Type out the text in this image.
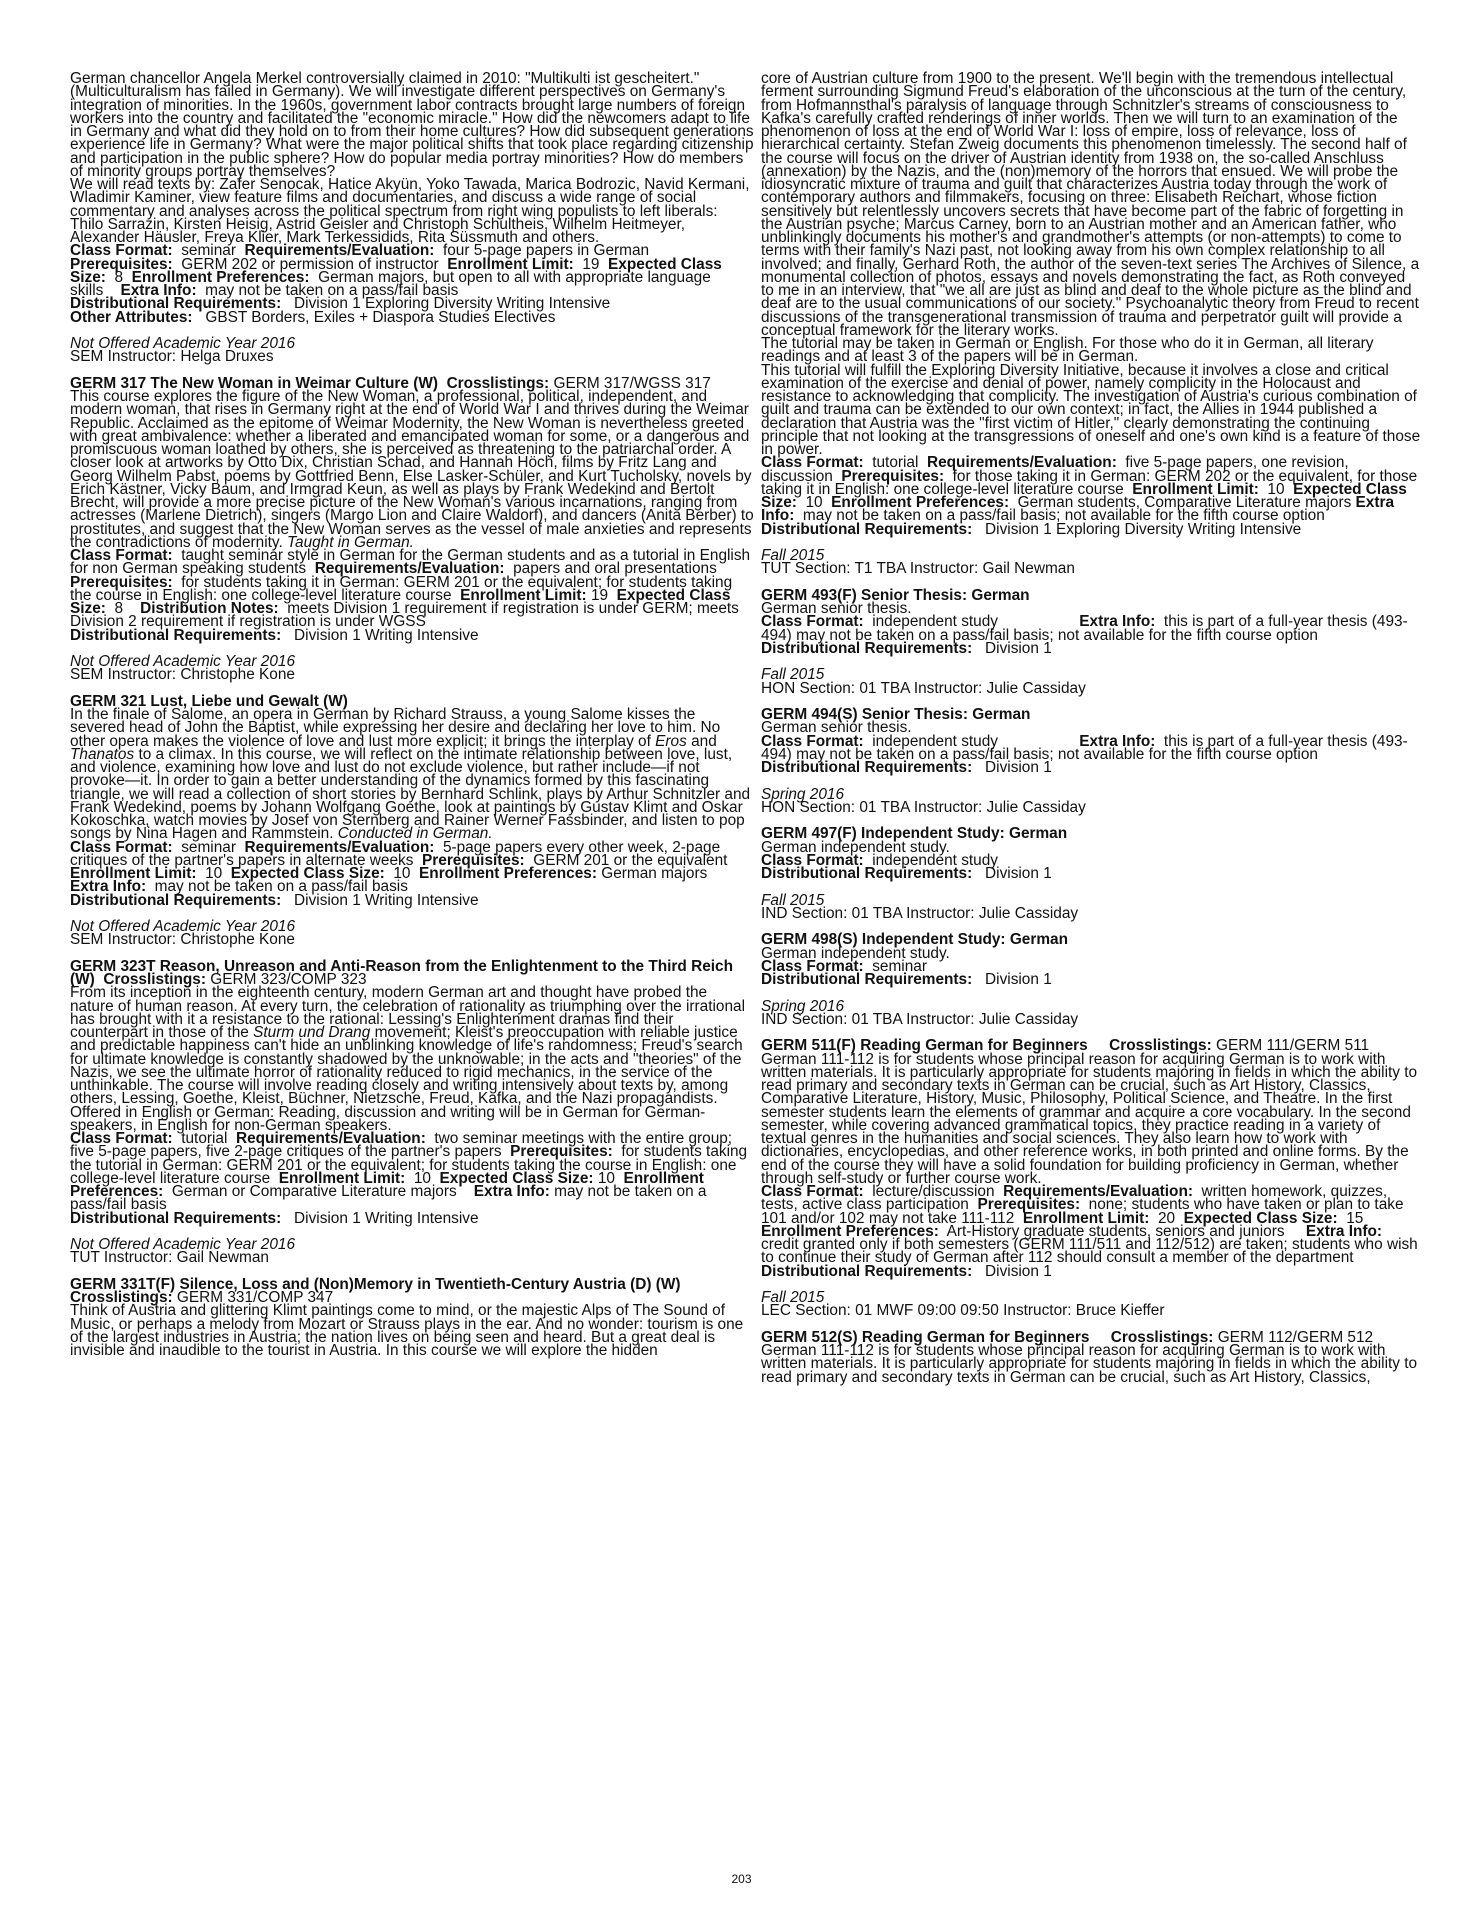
German chancellor Angela Merkel controversially claimed in 2010: "Multikulti ist gescheitert." (Multiculturalism has failed in Germany). We will investigate different perspectives on Germany's integration of minorities. In the 1960s, government labor contracts brought large numbers of foreign workers into the country and facilitated the "economic miracle." How did the newcomers adapt to life in Germany and what did they hold on to from their home cultures? How did subsequent generations experience life in Germany? What were the major political shifts that took place regarding citizenship and participation in the public sphere? How do popular media portray minorities? How do members of minority groups portray themselves?

We will read texts by: Zafer Senocak, Hatice Akyün, Yoko Tawada, Marica Bodrozic, Navid Kermani, Wladimir Kaminer, view feature films and documentaries, and discuss a wide range of social commentary and analyses across the political spectrum from right wing populists to left liberals: Thilo Sarrazin, Kirsten Heisig, Astrid Geisler and Christoph Schultheis, Wilhelm Heitmeyer, Alexander Häusler, Freya Klier, Mark Terkessidids, Rita Süssmuth and others.

Class Format: seminar Requirements/Evaluation: four 5-page papers in German Prerequisites: GERM 202 or permission of instructor Enrollment Limit: 19 Expected Class Size: 8 Enrollment Preferences: German majors, but open to all with appropriate language skills Extra Info: may not be taken on a pass/fail basis

Distributional Requirements: Division 1 Exploring Diversity Writing Intensive

Other Attributes: GBST Borders, Exiles + Diaspora Studies Electives

Not Offered Academic Year 2016

SEM Instructor: Helga Druxes

GERM 317 The New Woman in Weimar Culture (W) Crosslistings: GERM 317/WGSS 317

This course explores the figure of the New Woman, a professional, political, independent, and modern woman, that rises in Germany right at the end of World War I and thrives during the Weimar Republic. Acclaimed as the epitome of Weimar Modernity, the New Woman is nevertheless greeted with great ambivalence: whether a liberated and emancipated woman for some, or a dangerous and promiscuous woman loathed by others, she is perceived as threatening to the patriarchal order. A closer look at artworks by Otto Dix, Christian Schad, and Hannah Höch, films by Fritz Lang and Georg Wilhelm Pabst, poems by Gottfried Benn, Else Lasker-Schüler, and Kurt Tucholsky, novels by Erich Kästner, Vicky Baum, and Irmgrad Keun, as well as plays by Frank Wedekind and Bertolt Brecht, will provide a more precise picture of the New Woman's various incarnations, ranging from actresses (Marlene Dietrich), singers (Margo Lion and Claire Waldorf), and dancers (Anita Berber) to prostitutes, and suggest that the New Woman serves as the vessel of male anxieties and represents the contradictions of modernity. Taught in German.

Class Format: taught seminar style in German for the German students and as a tutorial in English for non German speaking students Requirements/Evaluation: papers and oral presentations  Prerequisites: for students taking it in German: GERM 201 or the equivalent; for students taking the course in English: one college-level literature course Enrollment Limit: 19 Expected Class Size: 8 Distribution Notes: meets Division 1 requirement if registration is under GERM; meets Division 2 requirement if registration is under WGSS

Distributional Requirements: Division 1 Writing Intensive

Not Offered Academic Year 2016

SEM Instructor: Christophe Kone

GERM 321 Lust, Liebe und Gewalt (W)

In the finale of Salome, an opera in German by Richard Strauss, a young Salome kisses the severed head of John the Baptist, while expressing her desire and declaring her love to him. No other opera makes the violence of love and lust more explicit; it brings the interplay of Eros and Thanatos to a climax. In this course, we will reflect on the intimate relationship between love, lust, and violence, examining how love and lust do not exclude violence, but rather include—if not provoke—it. In order to gain a better understanding of the dynamics formed by this fascinating triangle, we will read a collection of short stories by Bernhard Schlink, plays by Arthur Schnitzler and Frank Wedekind, poems by Johann Wolfgang Goethe, look at paintings by Gustav Klimt and Oskar Kokoschka, watch movies by Josef von Sternberg and Rainer Werner Fassbinder, and listen to pop songs by Nina Hagen and Rammstein. Conducted in German.

Class Format: seminar Requirements/Evaluation: 5-page papers every other week, 2-page critiques of the partner's papers in alternate weeks Prerequisites: GERM 201 or the equivalent  Enrollment Limit: 10 Expected Class Size: 10 Enrollment Preferences: German majors    Extra Info: may not be taken on a pass/fail basis

Distributional Requirements: Division 1 Writing Intensive

Not Offered Academic Year 2016

SEM Instructor: Christophe Kone

GERM 323T Reason, Unreason and Anti-Reason from the Enlightenment to the Third Reich (W) Crosslistings: GERM 323/COMP 323

From its inception in the eighteenth century, modern German art and thought have probed the nature of human reason. At every turn, the celebration of rationality as triumphing over the irrational has brought with it a resistance to the rational: Lessing's Enlightenment dramas find their counterpart in those of the Sturm und Drang movement; Kleist's preoccupation with reliable justice and predictable happiness can't hide an unblinking knowledge of life's randomness; Freud's search for ultimate knowledge is constantly shadowed by the unknowable; in the acts and "theories" of the Nazis, we see the ultimate horror of rationality reduced to rigid mechanics, in the service of the unthinkable. The course will involve reading closely and writing intensively about texts by, among others, Lessing, Goethe, Kleist, Büchner, Nietzsche, Freud, Kafka, and the Nazi propagandists.

Offered in English or German: Reading, discussion and writing will be in German for German-speakers, in English for non-German speakers.

Class Format: tutorial Requirements/Evaluation: two seminar meetings with the entire group; five 5-page papers, five 2-page critiques of the partner's papers Prerequisites: for students taking the tutorial in German: GERM 201 or the equivalent; for students taking the course in English: one college-level literature course Enrollment Limit: 10 Expected Class Size: 10 Enrollment Preferences: German or Comparative Literature majors Extra Info: may not be taken on a pass/fail basis

Distributional Requirements: Division 1 Writing Intensive

Not Offered Academic Year 2016

TUT Instructor: Gail Newman

GERM 331T(F) Silence, Loss and (Non)Memory in Twentieth-Century Austria (D) (W)

Crosslistings: GERM 331/COMP 347

Think of Austria and glittering Klimt paintings come to mind, or the majestic Alps of The Sound of Music, or perhaps a melody from Mozart or Strauss plays in the ear. And no wonder: tourism is one of the largest industries in Austria; the nation lives on being seen and heard. But a great deal is invisible and inaudible to the tourist in Austria. In this course we will explore the hidden

core of Austrian culture from 1900 to the present. We'll begin with the tremendous intellectual ferment surrounding Sigmund Freud's elaboration of the unconscious at the turn of the century, from Hofmannsthal's paralysis of language through Schnitzler's streams of consciousness to Kafka's carefully crafted renderings of inner worlds. Then we will turn to an examination of the phenomenon of loss at the end of World War I: loss of empire, loss of relevance, loss of hierarchical certainty. Stefan Zweig documents this phenomenon timelessly. The second half of the course will focus on the driver of Austrian identity from 1938 on, the so-called Anschluss (annexation) by the Nazis, and the (non)memory of the horrors that ensued. We will probe the idiosyncratic mixture of trauma and guilt that characterizes Austria today through the work of contemporary authors and filmmakers, focusing on three: Elisabeth Reichart, whose fiction sensitively but relentlessly uncovers secrets that have become part of the fabric of forgetting in the Austrian psyche; Marcus Carney, born to an Austrian mother and an American father, who unblinkingly documents his mother's and grandmother's attempts (or non-attempts) to come to terms with their family's Nazi past, not looking away from his own complex relationship to all involved; and finally, Gerhard Roth, the author of the seven-text series The Archives of Silence, a monumental collection of photos, essays and novels demonstrating the fact, as Roth conveyed to me in an interview, that "we all are just as blind and deaf to the whole picture as the blind and deaf are to the usual communications of our society." Psychoanalytic theory from Freud to recent discussions of the transgenerational transmission of trauma and perpetrator guilt will provide a conceptual framework for the literary works.

The tutorial may be taken in German or English. For those who do it in German, all literary readings and at least 3 of the papers will be in German.

This tutorial will fulfill the Exploring Diversity Initiative, because it involves a close and critical examination of the exercise and denial of power, namely complicity in the Holocaust and resistance to acknowledging that complicity. The investigation of Austria's curious combination of guilt and trauma can be extended to our own context; in fact, the Allies in 1944 published a declaration that Austria was the "first victim of Hitler," clearly demonstrating the continuing principle that not looking at the transgressions of oneself and one's own kind is a feature of those in power.

Class Format: tutorial Requirements/Evaluation: five 5-page papers, one revision, discussion Prerequisites: for those taking it in German: GERM 202 or the equivalent, for those taking it in English: one college-level literature course Enrollment Limit: 10 Expected Class Size: 10 Enrollment Preferences: German students, Comparative Literature majors Extra Info: may not be taken on a pass/fail basis; not available for the fifth course option

Distributional Requirements: Division 1 Exploring Diversity Writing Intensive

Fall 2015

TUT Section: T1 TBA Instructor: Gail Newman

GERM 493(F) Senior Thesis: German

German senior thesis.

Class Format: independent study	Extra Info: this is part of a full-year thesis (493-494) may not be taken on a pass/fail basis; not available for the fifth course option

Distributional Requirements: Division 1

Fall 2015

HON Section: 01 TBA Instructor: Julie Cassiday

GERM 494(S) Senior Thesis: German

German senior thesis.

Class Format: independent study	Extra Info: this is part of a full-year thesis (493-494) may not be taken on a pass/fail basis; not available for the fifth course option

Distributional Requirements: Division 1

Spring 2016

HON Section: 01 TBA Instructor: Julie Cassiday

GERM 497(F) Independent Study: German

German independent study.

Class Format: independent study

Distributional Requirements: Division 1

Fall 2015

IND Section: 01 TBA Instructor: Julie Cassiday

GERM 498(S) Independent Study: German

German independent study.

Class Format: seminar

Distributional Requirements: Division 1

Spring 2016

IND Section: 01 TBA Instructor: Julie Cassiday

GERM 511(F) Reading German for Beginners Crosslistings: GERM 111/GERM 511

German 111-112 is for students whose principal reason for acquiring German is to work with written materials. It is particularly appropriate for students majoring in fields in which the ability to read primary and secondary texts in German can be crucial, such as Art History, Classics, Comparative Literature, History, Music, Philosophy, Political Science, and Theatre. In the first semester students learn the elements of grammar and acquire a core vocabulary. In the second semester, while covering advanced grammatical topics, they practice reading in a variety of textual genres in the humanities and social sciences. They also learn how to work with dictionaries, encyclopedias, and other reference works, in both printed and online forms. By the end of the course they will have a solid foundation for building proficiency in German, whether through self-study or further course work.

Class Format: lecture/discussion Requirements/Evaluation: written homework, quizzes, tests, active class participation Prerequisites: none; students who have taken or plan to take 101 and/or 102 may not take 111-112 Enrollment Limit: 20 Expected Class Size: 15 Enrollment Preferences: Art-History graduate students, seniors and juniors Extra Info: credit granted only if both semesters (GERM 111/511 and 112/512) are taken; students who wish to continue their study of German after 112 should consult a member of the department

Distributional Requirements: Division 1

Fall 2015

LEC Section: 01 MWF 09:00 09:50 Instructor: Bruce Kieffer

GERM 512(S) Reading German for Beginners Crosslistings: GERM 112/GERM 512

German 111-112 is for students whose principal reason for acquiring German is to work with written materials. It is particularly appropriate for students majoring in fields in which the ability to read primary and secondary texts in German can be crucial, such as Art History, Classics,

203
